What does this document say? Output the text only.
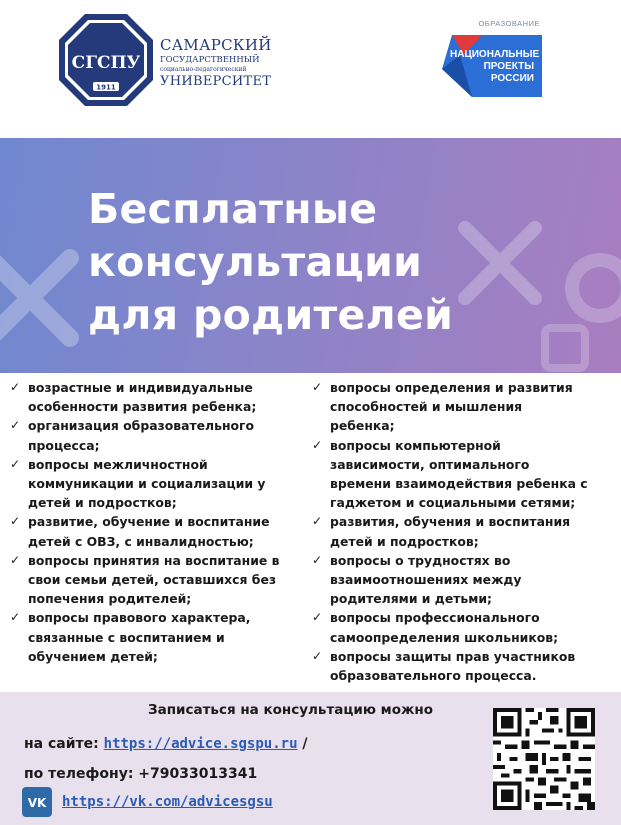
СГСПУ
1911
САМАРСКИЙ
ГОСУДАРСТВЕННЫЙ
социально-педагогический
УНИВЕРСИТЕТ
ОБРАЗОВАНИЕ
НАЦИОНАЛЬНЫЕ
ПРОЕКТЫ
РОССИИ
Бесплатные
консультации
для родителей
✓ возрастные и индивидуальные
особенности развития ребенка;
✓ организация образовательного
процесса;
✓ вопросы межличностной
коммуникации и социализации у
детей и подростков;
✓ развитие, обучение и воспитание
детей с ОВЗ, с инвалидностью;
✓ вопросы принятия на воспитание в
свои семьи детей, оставшихся без
попечения родителей;
✓ вопросы правового характера,
связанные с воспитанием и
обучением детей;
✓ вопросы определения и развития
способностей и мышления
ребенка;
✓ вопросы компьютерной
зависимости, оптимального
времени взаимодействия ребенка с
гаджетом и социальными сетями;
✓ развития, обучения и воспитания
детей и подростков;
✓ вопросы о трудностях во
взаимоотношениях между
родителями и детьми;
✓ вопросы профессионального
самоопределения школьников;
✓ вопросы защиты прав участников
образовательного процесса.
Записаться на консультацию можно
на сайте: https://advice.sgspu.ru /
по телефону: +79033013341
VK https://vk.com/advicesgsu
